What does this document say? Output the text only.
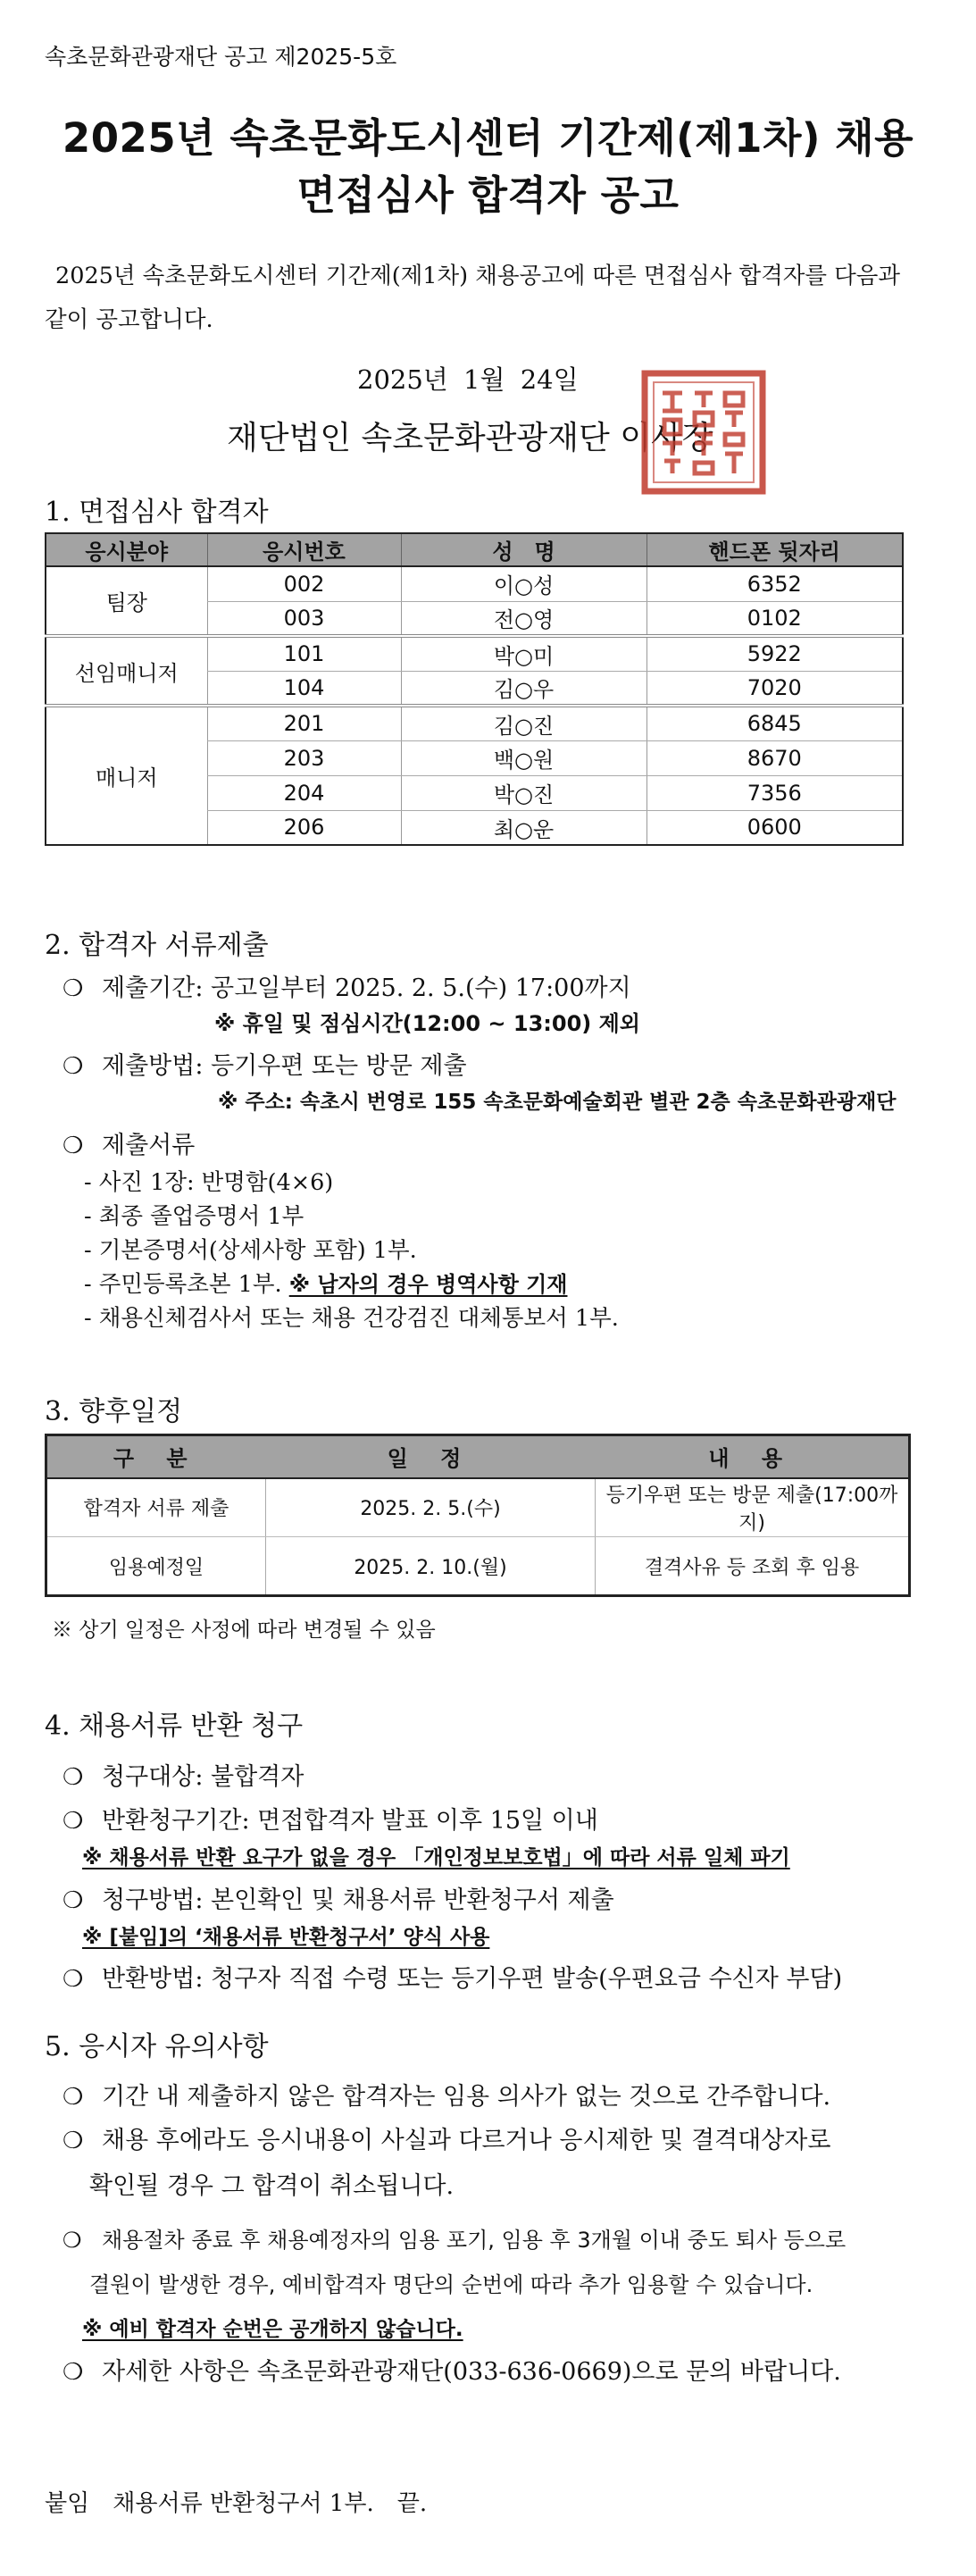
속초문화관광재단 공고 제2025-5호
2025년 속초문화도시센터 기간제(제1차) 채용
면접심사 합격자 공고
2025년 속초문화도시센터 기간제(제1차) 채용공고에 따른 면접심사 합격자를 다음과 같이 공고합니다.
2025년 1월 24일
재단법인 속초문화관광재단 이사장
1. 면접심사 합격자
응시분야	응시번호	성　명	핸드폰 뒷자리
팀장	002	이○성	6352
	003	전○영	0102
선임매니저	101	박○미	5922
	104	김○우	7020
매니저	201	김○진	6845
	203	백○원	8670
	204	박○진	7356
	206	최○운	0600
2. 합격자 서류제출
❍ 제출기간: 공고일부터 2025. 2. 5.(수) 17:00까지
※ 휴일 및 점심시간(12:00 ~ 13:00) 제외
❍ 제출방법: 등기우편 또는 방문 제출
※ 주소: 속초시 번영로 155 속초문화예술회관 별관 2층 속초문화관광재단
❍ 제출서류
- 사진 1장: 반명함(4×6)
- 최종 졸업증명서 1부
- 기본증명서(상세사항 포함) 1부.
- 주민등록초본 1부. ※ 남자의 경우 병역사항 기재
- 채용신체검사서 또는 채용 건강검진 대체통보서 1부.
3. 향후일정
구 분	일 정	내 용
합격자 서류 제출	2025. 2. 5.(수)	등기우편 또는 방문 제출(17:00까지)
임용예정일	2025. 2. 10.(월)	결격사유 등 조회 후 임용
※ 상기 일정은 사정에 따라 변경될 수 있음
4. 채용서류 반환 청구
❍ 청구대상: 불합격자
❍ 반환청구기간: 면접합격자 발표 이후 15일 이내
※ 채용서류 반환 요구가 없을 경우 「개인정보보호법」에 따라 서류 일체 파기
❍ 청구방법: 본인확인 및 채용서류 반환청구서 제출
※ [붙임]의 ‘채용서류 반환청구서’ 양식 사용
❍ 반환방법: 청구자 직접 수령 또는 등기우편 발송(우편요금 수신자 부담)
5. 응시자 유의사항
❍ 기간 내 제출하지 않은 합격자는 임용 의사가 없는 것으로 간주합니다.
❍ 채용 후에라도 응시내용이 사실과 다르거나 응시제한 및 결격대상자로
확인될 경우 그 합격이 취소됩니다.
❍ 채용절차 종료 후 채용예정자의 임용 포기, 임용 후 3개월 이내 중도 퇴사 등으로
결원이 발생한 경우, 예비합격자 명단의 순번에 따라 추가 임용할 수 있습니다.
※ 예비 합격자 순번은 공개하지 않습니다.
❍ 자세한 사항은 속초문화관광재단(033-636-0669)으로 문의 바랍니다.
붙임　채용서류 반환청구서 1부.　끝.
